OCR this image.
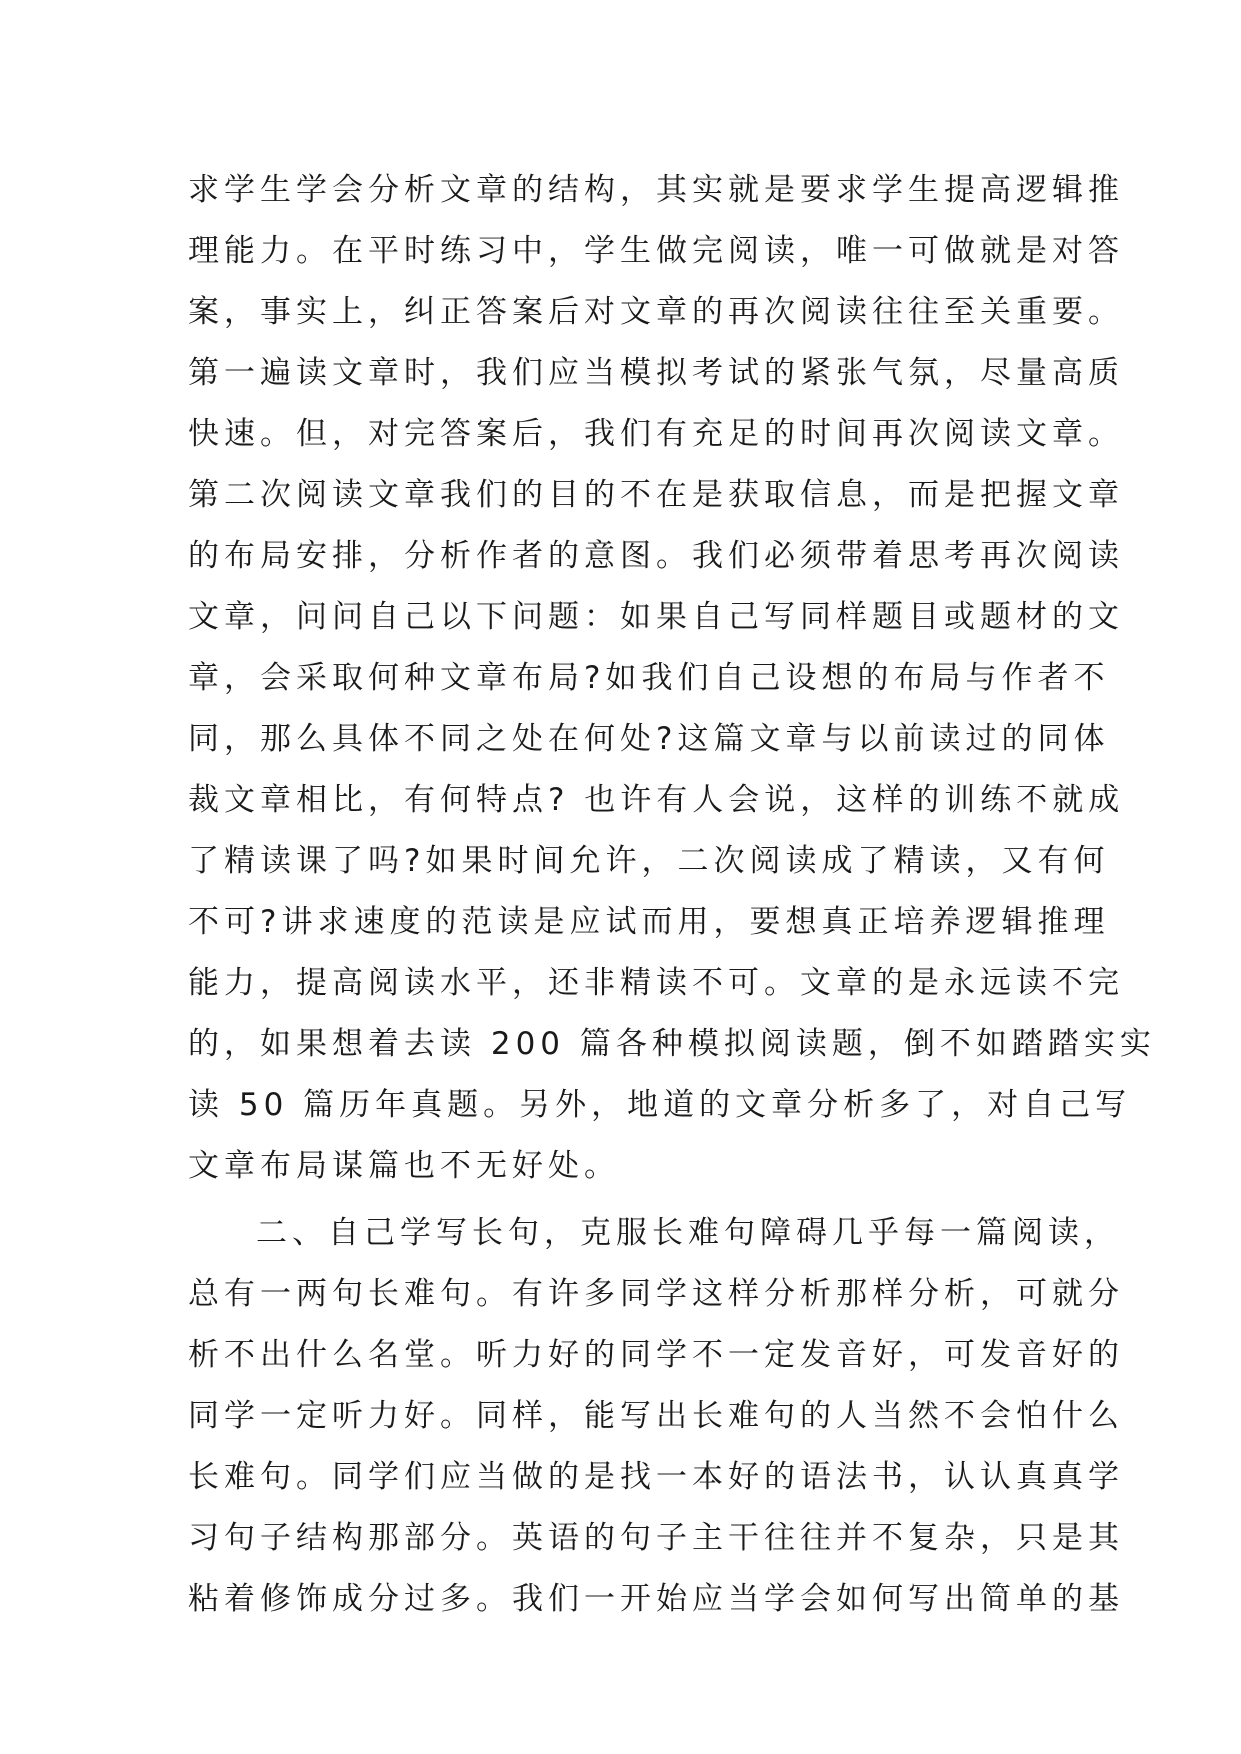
求学生学会分析文章的结构，其实就是要求学生提高逻辑推
理能力。在平时练习中，学生做完阅读，唯一可做就是对答
案，事实上，纠正答案后对文章的再次阅读往往至关重要。
第一遍读文章时，我们应当模拟考试的紧张气氛，尽量高质
快速。但，对完答案后，我们有充足的时间再次阅读文章。
第二次阅读文章我们的目的不在是获取信息，而是把握文章
的布局安排，分析作者的意图。我们必须带着思考再次阅读
文章，问问自己以下问题：如果自己写同样题目或题材的文
章，会采取何种文章布局?如我们自己设想的布局与作者不
同，那么具体不同之处在何处?这篇文章与以前读过的同体
裁文章相比，有何特点? 也许有人会说，这样的训练不就成
了精读课了吗?如果时间允许，二次阅读成了精读，又有何
不可?讲求速度的范读是应试而用，要想真正培养逻辑推理
能力，提高阅读水平，还非精读不可。文章的是永远读不完
的，如果想着去读 200 篇各种模拟阅读题，倒不如踏踏实实
读 50 篇历年真题。另外，地道的文章分析多了，对自己写
文章布局谋篇也不无好处。
二、自己学写长句，克服长难句障碍几乎每一篇阅读，
总有一两句长难句。有许多同学这样分析那样分析，可就分
析不出什么名堂。听力好的同学不一定发音好，可发音好的
同学一定听力好。同样，能写出长难句的人当然不会怕什么
长难句。同学们应当做的是找一本好的语法书，认认真真学
习句子结构那部分。英语的句子主干往往并不复杂，只是其
粘着修饰成分过多。我们一开始应当学会如何写出简单的基
